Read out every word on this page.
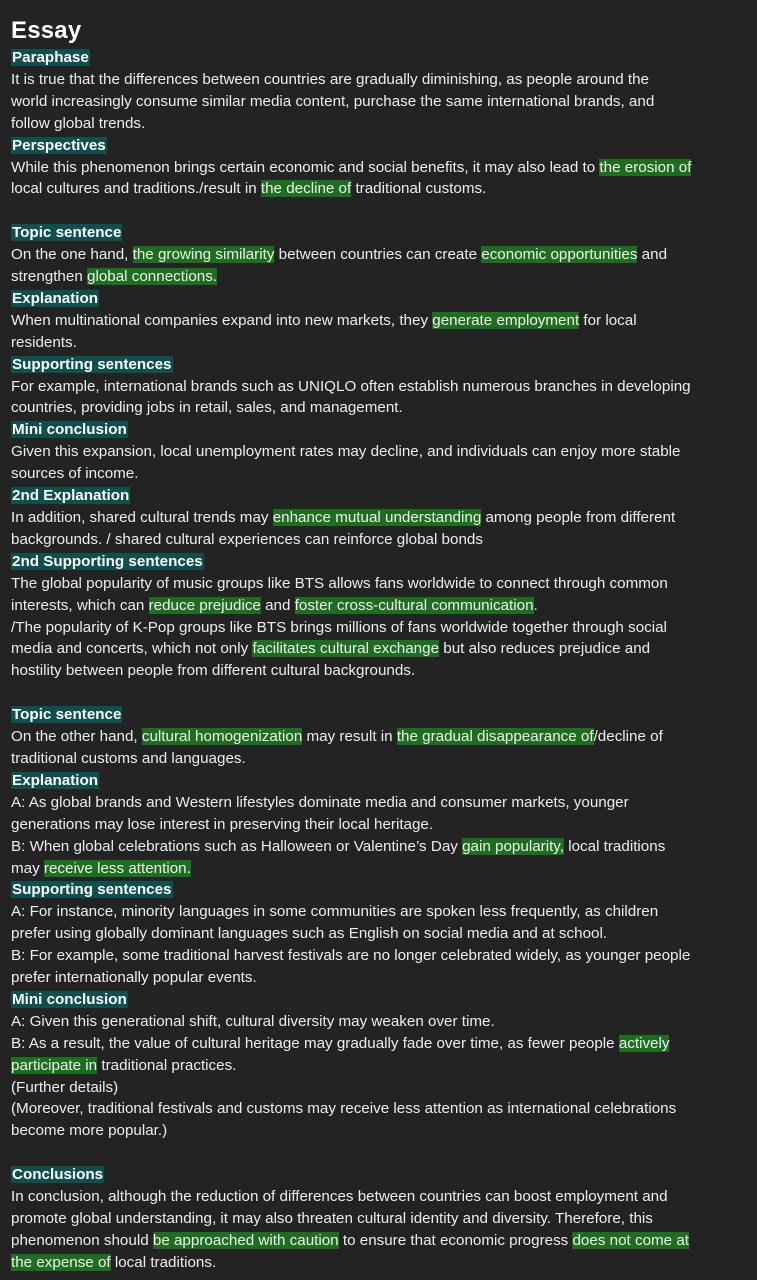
Essay
Paraphase
It is true that the differences between countries are gradually diminishing, as people around the
world increasingly consume similar media content, purchase the same international brands, and
follow global trends.
Perspectives
While this phenomenon brings certain economic and social benefits, it may also lead to the erosion of
local cultures and traditions./result in the decline of traditional customs.
Topic sentence
On the one hand, the growing similarity between countries can create economic opportunities and
strengthen global connections.
Explanation
When multinational companies expand into new markets, they generate employment for local
residents.
Supporting sentences
For example, international brands such as UNIQLO often establish numerous branches in developing
countries, providing jobs in retail, sales, and management.
Mini conclusion
Given this expansion, local unemployment rates may decline, and individuals can enjoy more stable
sources of income.
2nd Explanation
In addition, shared cultural trends may enhance mutual understanding among people from different
backgrounds. / shared cultural experiences can reinforce global bonds
2nd Supporting sentences
The global popularity of music groups like BTS allows fans worldwide to connect through common
interests, which can reduce prejudice and foster cross-cultural communication.
/The popularity of K-Pop groups like BTS brings millions of fans worldwide together through social
media and concerts, which not only facilitates cultural exchange but also reduces prejudice and
hostility between people from different cultural backgrounds.
Topic sentence
On the other hand, cultural homogenization may result in the gradual disappearance of/decline of
traditional customs and languages.
Explanation
A: As global brands and Western lifestyles dominate media and consumer markets, younger
generations may lose interest in preserving their local heritage.
B: When global celebrations such as Halloween or Valentine’s Day gain popularity, local traditions
may receive less attention.
Supporting sentences
A: For instance, minority languages in some communities are spoken less frequently, as children
prefer using globally dominant languages such as English on social media and at school.
B: For example, some traditional harvest festivals are no longer celebrated widely, as younger people
prefer internationally popular events.
Mini conclusion
A: Given this generational shift, cultural diversity may weaken over time.
B: As a result, the value of cultural heritage may gradually fade over time, as fewer people actively
participate in traditional practices.
(Further details)
(Moreover, traditional festivals and customs may receive less attention as international celebrations
become more popular.)
Conclusions
In conclusion, although the reduction of differences between countries can boost employment and
promote global understanding, it may also threaten cultural identity and diversity. Therefore, this
phenomenon should be approached with caution to ensure that economic progress does not come at
the expense of local traditions.
